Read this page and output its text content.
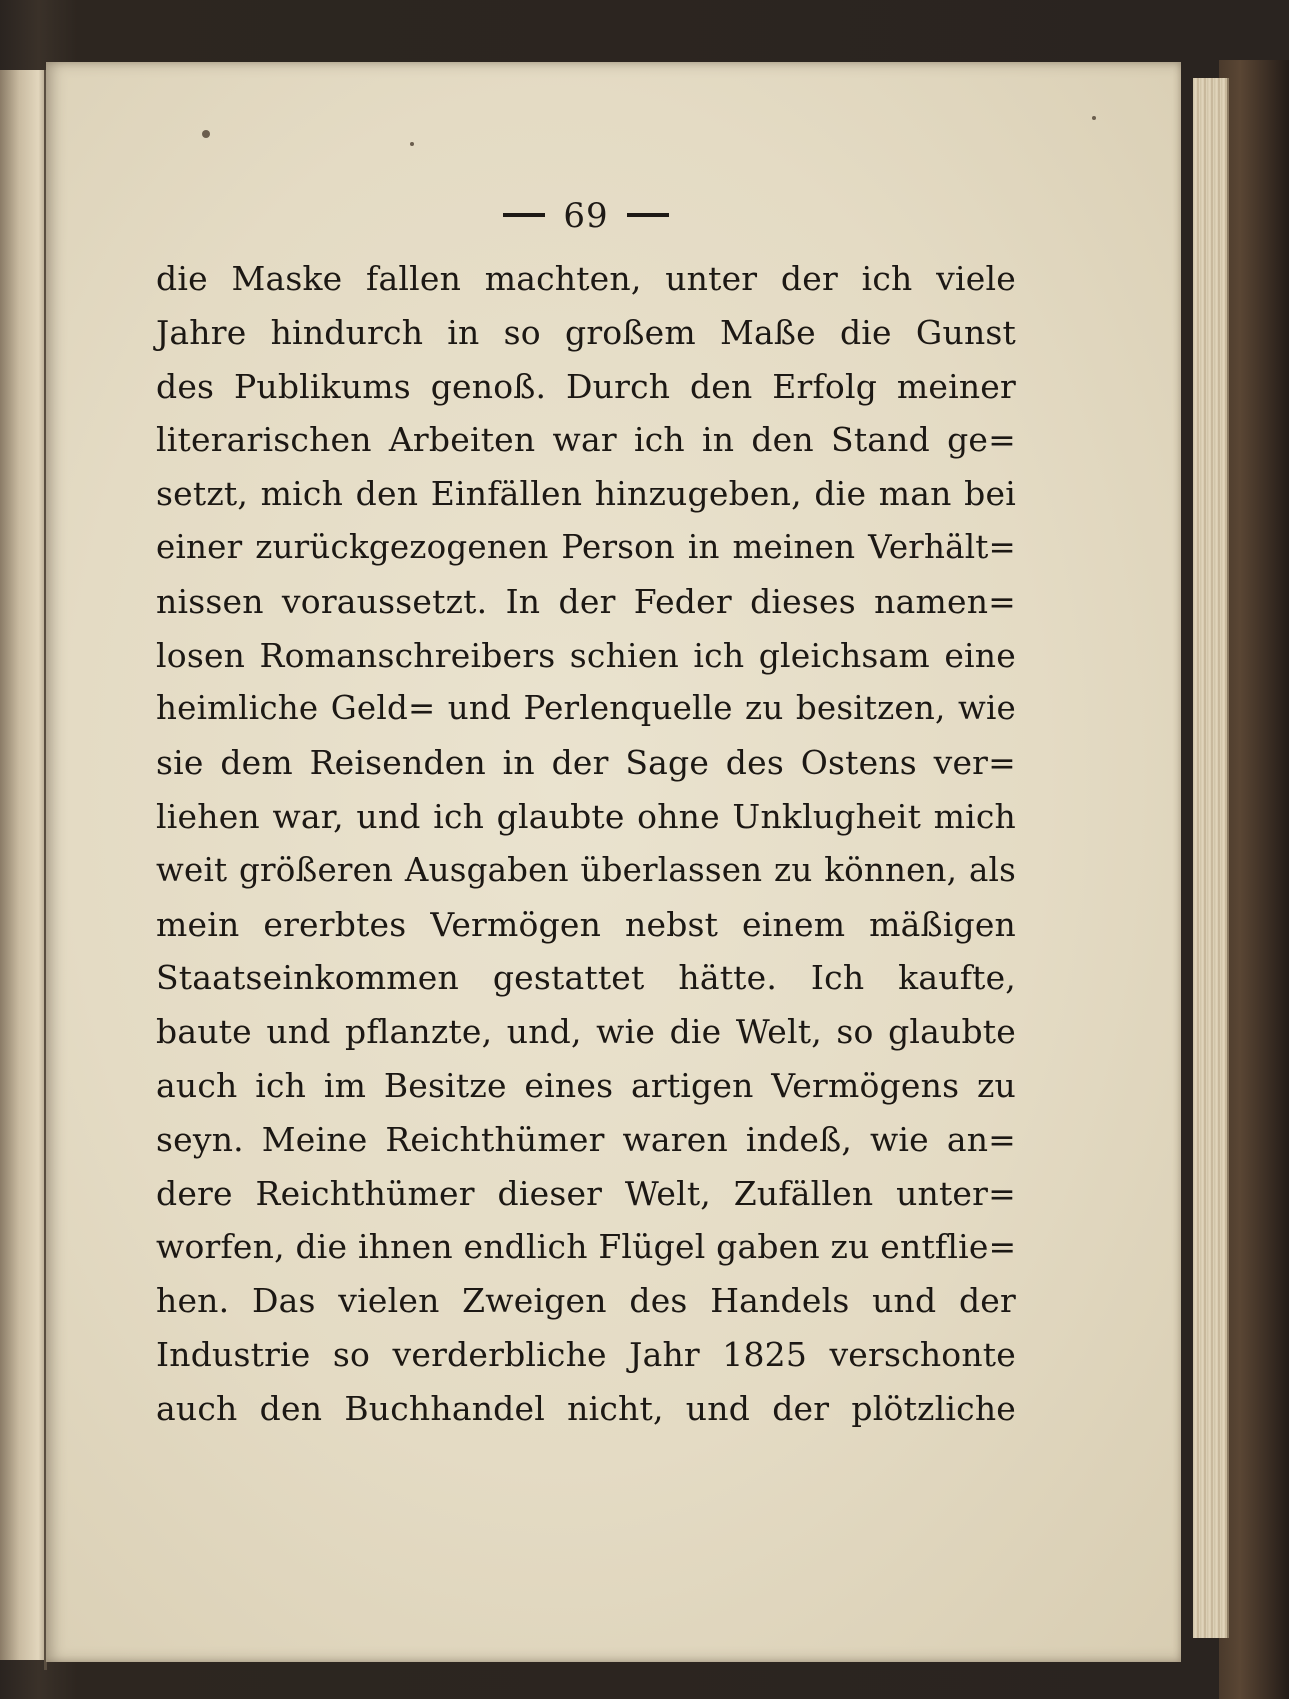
69
die Maske fallen machten, unter der ich viele
Jahre hindurch in so großem Maße die Gunst
des Publikums genoß. Durch den Erfolg meiner
literarischen Arbeiten war ich in den Stand ge=
setzt, mich den Einfällen hinzugeben, die man bei
einer zurückgezogenen Person in meinen Verhält=
nissen voraussetzt. In der Feder dieses namen=
losen Romanschreibers schien ich gleichsam eine
heimliche Geld= und Perlenquelle zu besitzen, wie
sie dem Reisenden in der Sage des Ostens ver=
liehen war, und ich glaubte ohne Unklugheit mich
weit größeren Ausgaben überlassen zu können, als
mein ererbtes Vermögen nebst einem mäßigen
Staatseinkommen gestattet hätte. Ich kaufte,
baute und pflanzte, und, wie die Welt, so glaubte
auch ich im Besitze eines artigen Vermögens zu
seyn. Meine Reichthümer waren indeß, wie an=
dere Reichthümer dieser Welt, Zufällen unter=
worfen, die ihnen endlich Flügel gaben zu entflie=
hen. Das vielen Zweigen des Handels und der
Industrie so verderbliche Jahr 1825 verschonte
auch den Buchhandel nicht, und der plötzliche
